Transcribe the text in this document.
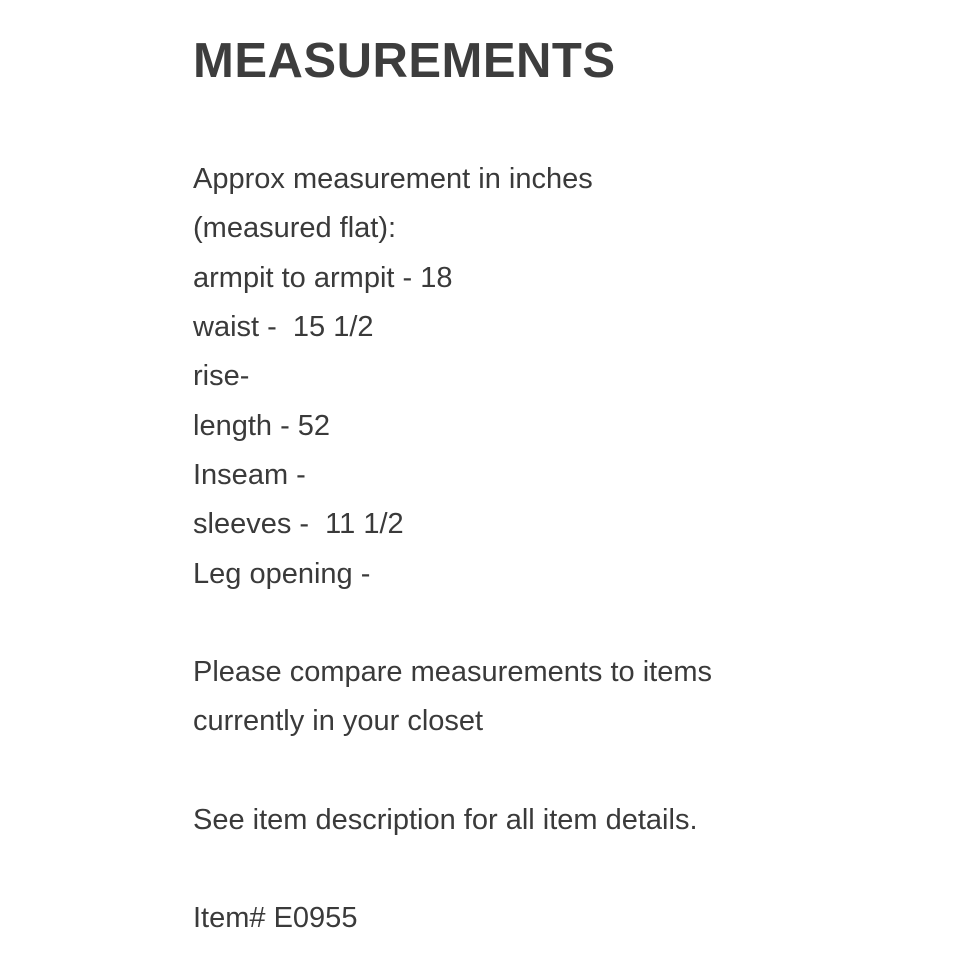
MEASUREMENTS

Approx measurement in inches

(measured flat):

armpit to armpit - 18

waist -  15 1/2

rise-

length - 52

Inseam -

sleeves -  11 1/2

Leg opening -

Please compare measurements to items

currently in your closet

See item description for all item details.

Item# E0955
